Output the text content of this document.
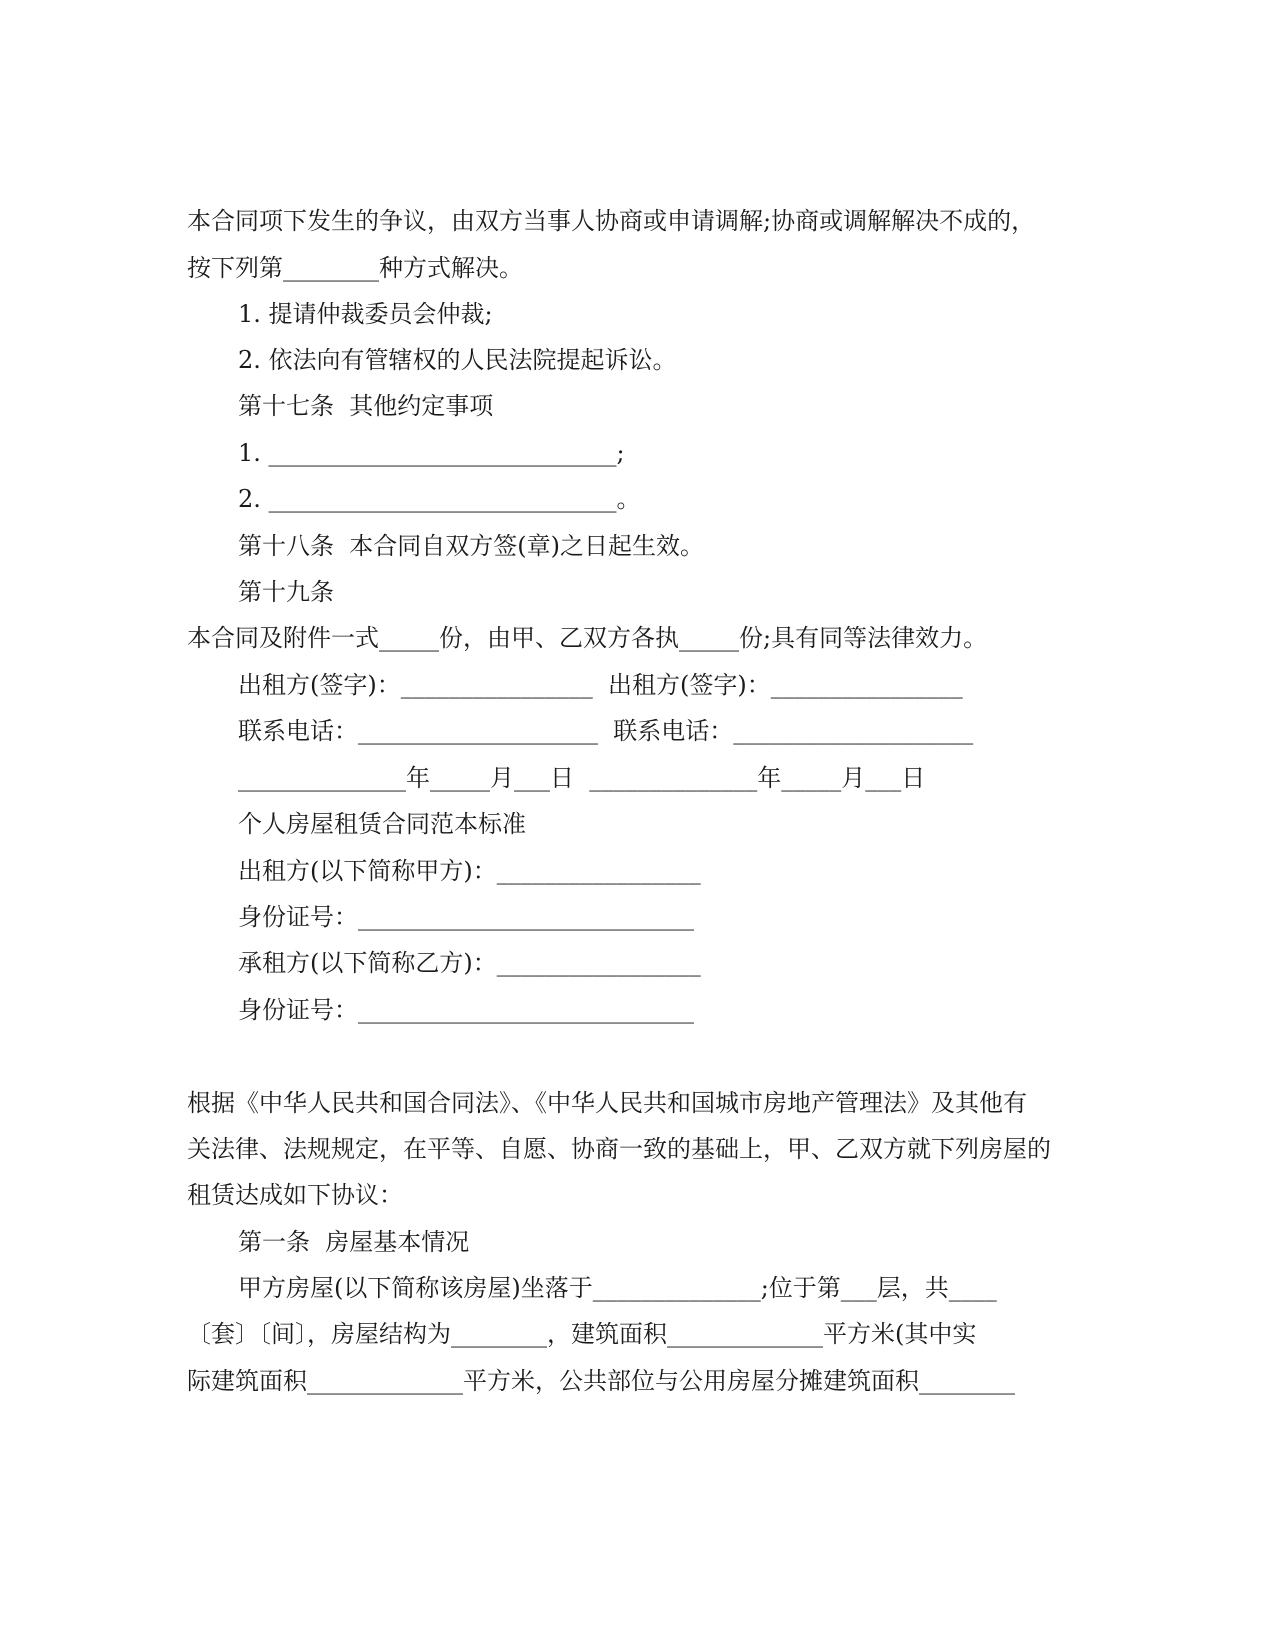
本合同项下发生的争议，由双方当事人协商或申请调解;协商或调解解决不成的，
按下列第________种方式解决。
1. 提请仲裁委员会仲裁;
2. 依法向有管辖权的人民法院提起诉讼。
第十七条  其他约定事项
1. _____________________________;
2. _____________________________。
第十八条  本合同自双方签(章)之日起生效。
第十九条
本合同及附件一式_____份，由甲、乙双方各执_____份;具有同等法律效力。
出租方(签字)：________________  出租方(签字)：________________
联系电话：____________________  联系电话：____________________
______________年_____月___日  ______________年_____月___日
个人房屋租赁合同范本标准
出租方(以下简称甲方)：_________________
身份证号：____________________________
承租方(以下简称乙方)：_________________
身份证号：____________________________
根据《中华人民共和国合同法》、《中华人民共和国城市房地产管理法》及其他有
关法律、法规规定，在平等、自愿、协商一致的基础上，甲、乙双方就下列房屋的
租赁达成如下协议：
第一条  房屋基本情况
甲方房屋(以下简称该房屋)坐落于______________;位于第___层，共____
〔套〕〔间〕，房屋结构为________，建筑面积_____________平方米(其中实
际建筑面积_____________平方米，公共部位与公用房屋分摊建筑面积________
